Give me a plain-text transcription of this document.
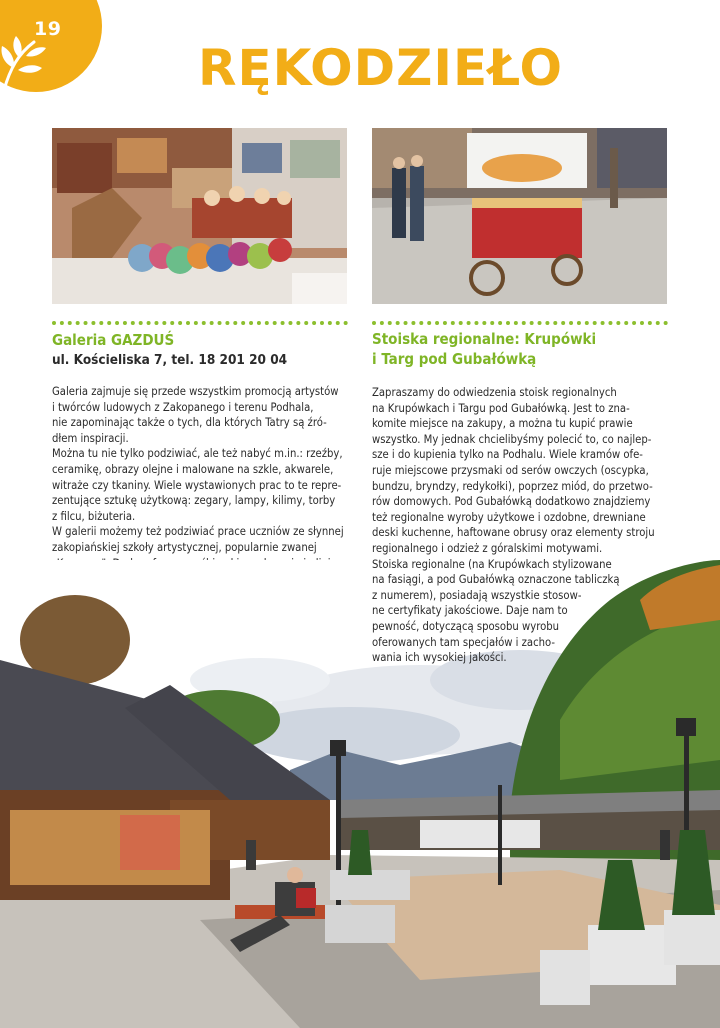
19
RĘKODZIEŁO
Galeria GAZDUŚ
ul. Kościeliska 7, tel. 18 201 20 04
Galeria zajmuje się przede wszystkim promocją artystów
i twórców ludowych z Zakopanego i terenu Podhala,
nie zapominając także o tych, dla których Tatry są źró-
dłem inspiracji.
Można tu nie tylko podziwiać, ale też nabyć m.in.: rzeźby,
ceramikę, obrazy olejne i malowane na szkle, akwarele,
witraże czy tkaniny. Wiele wystawionych prac to te repre-
zentujące sztukę użytkową: zegary, lampy, kilimy, torby
z filcu, biżuteria.
W galerii możemy też podziwiać prace uczniów ze słynnej
zakopiańskiej szkoły artystycznej, popularnie zwanej
Stoiska regionalne: Krupówki
i Targ pod Gubałówką
Zapraszamy do odwiedzenia stoisk regionalnych
na Krupówkach i Targu pod Gubałówką. Jest to zna-
komite miejsce na zakupy, a można tu kupić prawie
wszystko. My jednak chcielibyśmy polecić to, co najlep-
sze i do kupienia tylko na Podhalu. Wiele kramów ofe-
ruje miejscowe przysmaki od serów owczych (oscypka,
bundzu, bryndzy, redykołki), poprzez miód, do przetwo-
rów domowych. Pod Gubałówką dodatkowo znajdziemy
też regionalne wyroby użytkowe i ozdobne, drewniane
deski kuchenne, haftowane obrusy oraz elementy stroju
regionalnego i odzież z góralskimi motywami.
Stoiska regionalne (na Krupówkach stylizowane
na fasiągi, a pod Gubałówką oznaczone tabliczką
z numerem), posiadają wszystkie stosow-
ne certyfikaty jakościowe. Daje nam to
pewność, dotyczącą sposobu wyrobu
oferowanych tam specjałów i zacho-
wania ich wysokiej jakości.
